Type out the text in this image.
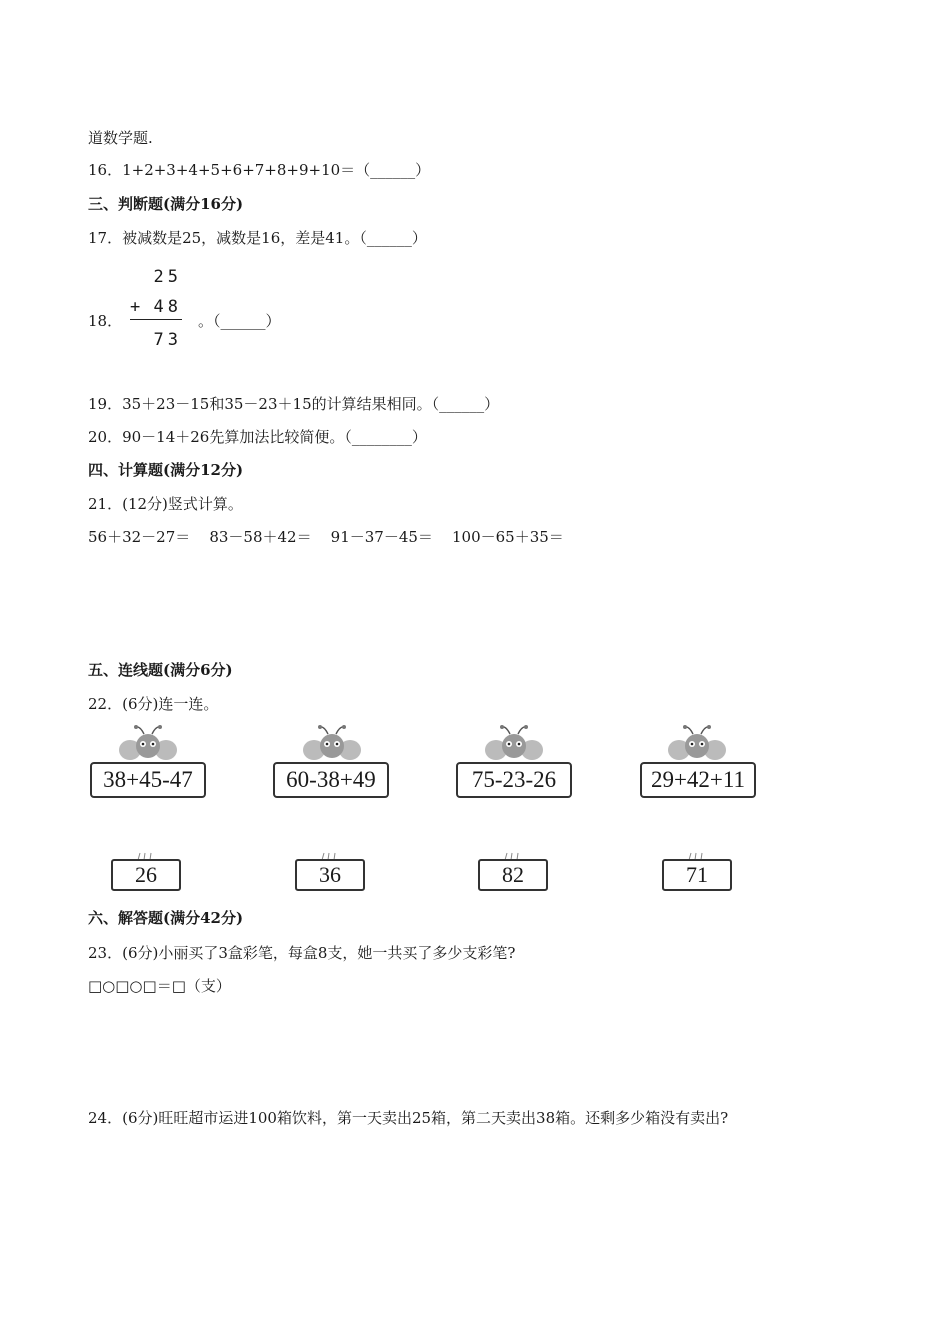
道数学题.
16．1+2+3+4+5+6+7+8+9+10＝（______）
三、判断题(满分16分)
17．被减数是25，减数是16，差是41。（______）
18．
25
+ 48
73
。（______）
19．35＋23－15和35－23＋15的计算结果相同。（______）
20．90－14＋26先算加法比较简便。（________）
四、计算题(满分12分)
21．(12分)竖式计算。
56＋32－27＝    83－58＋42＝    91－37－45＝    100－65＋35＝
五、连线题(满分6分)
22．(6分)连一连。
38+45-47	60-38+49	75-23-26	29+42+11
26	36	82	71
六、解答题(满分42分)
23．(6分)小丽买了3盒彩笔，每盒8支，她一共买了多少支彩笔?
□○□○□＝□（支）
24．(6分)旺旺超市运进100箱饮料，第一天卖出25箱，第二天卖出38箱。还剩多少箱没有卖出?
